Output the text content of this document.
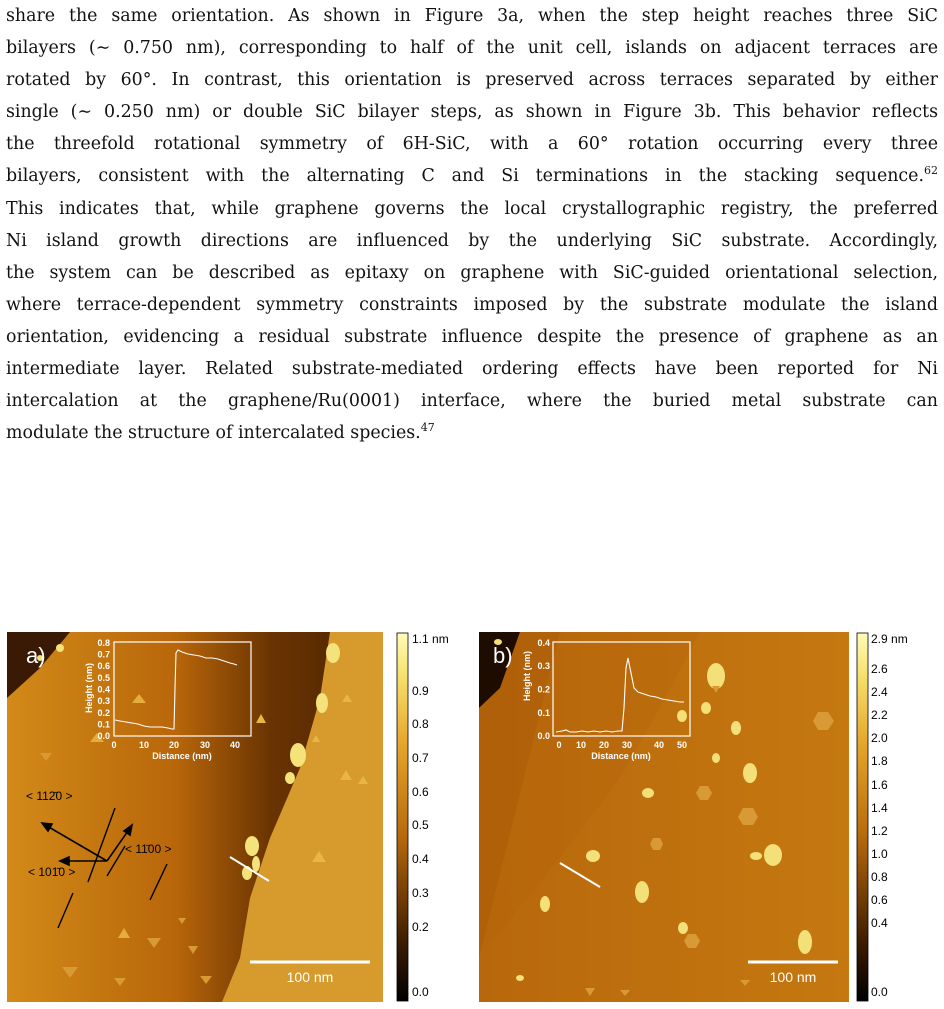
share the same orientation. As shown in Figure 3a, when the step height reaches three SiC
bilayers (∼ 0.750 nm), corresponding to half of the unit cell, islands on adjacent terraces are
rotated by 60°. In contrast, this orientation is preserved across terraces separated by either
single (∼ 0.250 nm) or double SiC bilayer steps, as shown in Figure 3b. This behavior reflects
the threefold rotational symmetry of 6H-SiC, with a 60° rotation occurring every three
bilayers, consistent with the alternating C and Si terminations in the stacking sequence.$^{62}$
This indicates that, while graphene governs the local crystallographic registry, the preferred
Ni island growth directions are influenced by the underlying SiC substrate. Accordingly,
the system can be described as epitaxy on graphene with SiC-guided orientational selection,
where terrace-dependent symmetry constraints imposed by the substrate modulate the island
orientation, evidencing a residual substrate influence despite the presence of graphene as an
intermediate layer. Related substrate-mediated ordering effects have been reported for Ni
intercalation at the graphene/Ru(0001) interface, where the buried metal substrate can
modulate the structure of intercalated species.$^{47}$
a)
< 112̄0 >
< 11̄00 >
< 101̄0 >
100 nm
0.0
0.1
0.2
0.3
0.4
0.5
0.6
0.7
0.8
0 10 20 30 40
Distance (nm)
Height (nm)
1.1 nm
0.9
0.8
0.7
0.6
0.5
0.4
0.3
0.2
0.0
b)
100 nm
0.0
0.1
0.2
0.3
0.4
0 10 20 30 40 50
Distance (nm)
Height (nm)
2.9 nm
2.6
2.4
2.2
2.0
1.8
1.6
1.4
1.2
1.0
0.8
0.6
0.4
0.0
